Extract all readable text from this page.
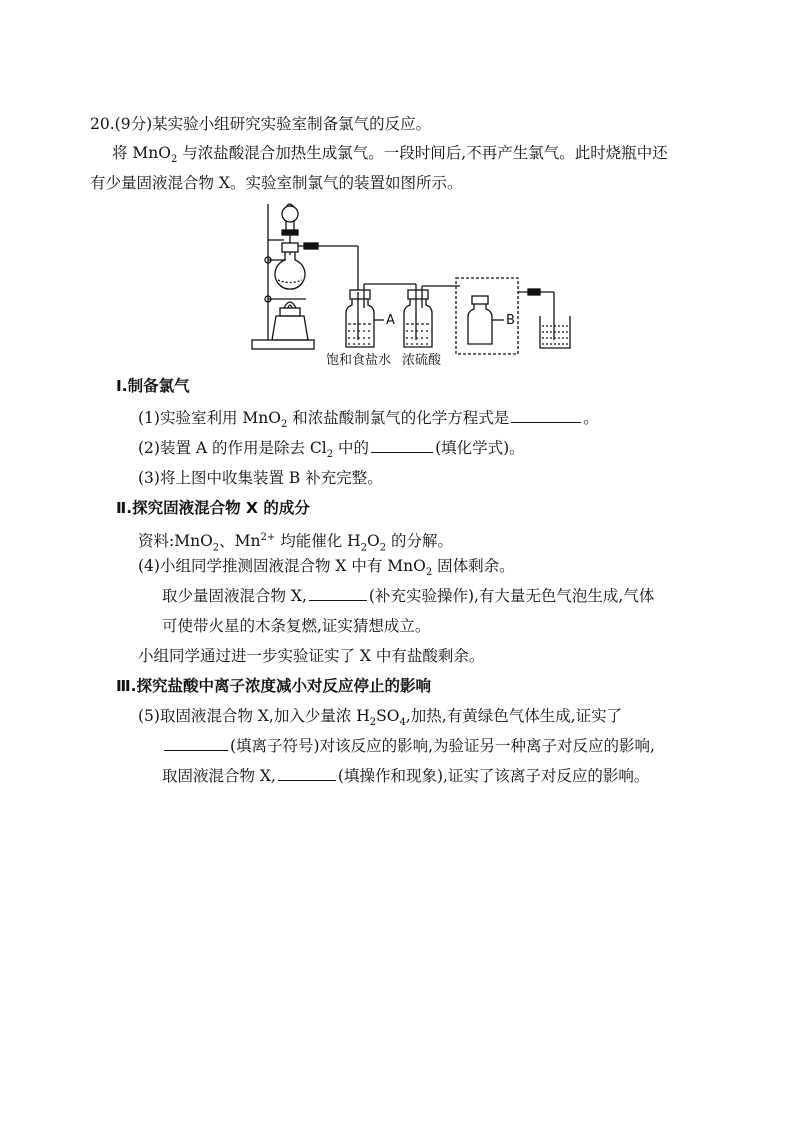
20.(9分)某实验小组研究实验室制备氯气的反应。
将 MnO$_2$ 与浓盐酸混合加热生成氯气。一段时间后,不再产生氯气。此时烧瓶中还
有少量固液混合物 X。实验室制氯气的装置如图所示。
A	B
饱和食盐水 浓硫酸
Ⅰ.制备氯气
(1)实验室利用 MnO$_2$ 和浓盐酸制氯气的化学方程式是	。
(2)装置 A 的作用是除去 $Cl_2$ 中的	(填化学式)。
(3)将上图中收集装置 B 补充完整。
Ⅱ.探究固液混合物 X 的成分
资料:MnO$_2$、$Mn^{2+}$ 均能催化 $H_2O_2$ 的分解。
(4)小组同学推测固液混合物 X 中有 MnO$_2$ 固体剩余。
取少量固液混合物 X,	(补充实验操作),有大量无色气泡生成,气体
可使带火星的木条复燃,证实猜想成立。
小组同学通过进一步实验证实了 X 中有盐酸剩余。
Ⅲ.探究盐酸中离子浓度减小对反应停止的影响
(5)取固液混合物 X,加入少量浓 $H_2SO_4$,加热,有黄绿色气体生成,证实了
(填离子符号)对该反应的影响,为验证另一种离子对反应的影响,
取固液混合物 X,	(填操作和现象),证实了该离子对反应的影响。
